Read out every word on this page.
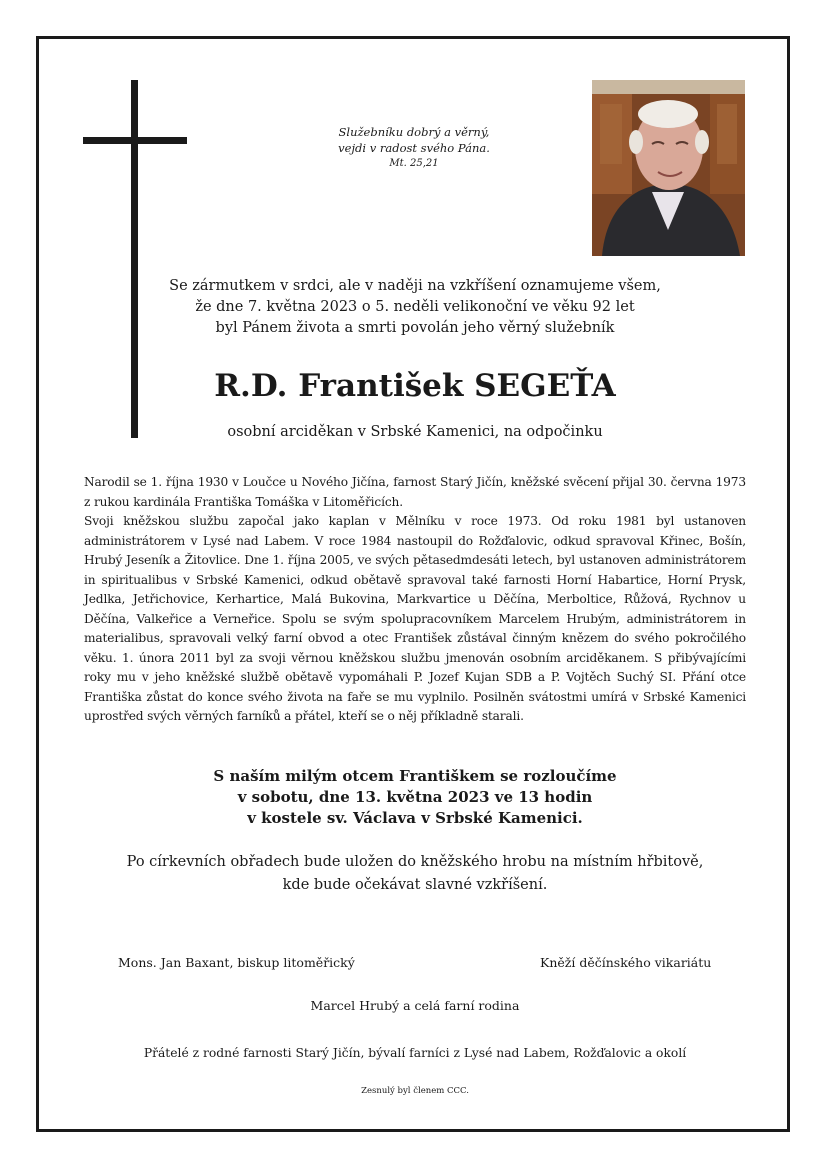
Služebníku dobrý a věrný,
vejdi v radost svého Pána.
Mt. 25,21
Se zármutkem v srdci, ale v naději na vzkříšení oznamujeme všem,
že dne 7. května 2023 o 5. neděli velikonoční ve věku 92 let
byl Pánem života a smrti povolán jeho věrný služebník
R.D. František SEGEŤA
osobní arciděkan v Srbské Kamenici, na odpočinku

Narodil se 1. října 1930 v Loučce u Nového Jičína, farnost Starý Jičín, kněžské svěcení přijal 30. června 1973 z rukou kardinála Františka Tomáška v Litoměřicích.

Svoji kněžskou službu započal jako kaplan v Mělníku v roce 1973. Od roku 1981 byl ustanoven administrátorem v Lysé nad Labem. V roce 1984 nastoupil do Rožďalovic, odkud spravoval Křinec, Bošín, Hrubý Jeseník a Žitovlice. Dne 1. října 2005, ve svých pětasedmdesáti letech, byl ustanoven administrátorem in spiritualibus v Srbské Kamenici, odkud obětavě spravoval také farnosti Horní Habartice, Horní Prysk, Jedlka, Jetřichovice, Kerhartice, Malá Bukovina, Markvartice u Děčína, Merboltice, Růžová, Rychnov u Děčína, Valkeřice a Verneřice. Spolu se svým spolupracovníkem Marcelem Hrubým, administrátorem in materialibus, spravovali velký farní obvod a otec František zůstával činným knězem do svého pokročilého věku. 1. února 2011 byl za svoji věrnou kněžskou službu jmenován osobním arciděkanem. S přibývajícími roky mu v jeho kněžské službě obětavě vypomáhali P. Jozef Kujan SDB a P. Vojtěch Suchý SI. Přání otce Františka zůstat do konce svého života na faře se mu vyplnilo. Posilněn svátostmi umírá v Srbské Kamenici uprostřed svých věrných farníků a přátel, kteří se o něj příkladně starali.

S naším milým otcem Františkem se rozloučíme
v sobotu, dne 13. května 2023 ve 13 hodin
v kostele sv. Václava v Srbské Kamenici.
Po církevních obřadech bude uložen do kněžského hrobu na místním hřbitově,
kde bude očekávat slavné vzkříšení.
Mons. Jan Baxant, biskup litoměřický	Kněží děčínského vikariátu
Marcel Hrubý a celá farní rodina
Přátelé z rodné farnosti Starý Jičín, bývalí farníci z Lysé nad Labem, Rožďalovic a okolí
Zesnulý byl členem CCC.
